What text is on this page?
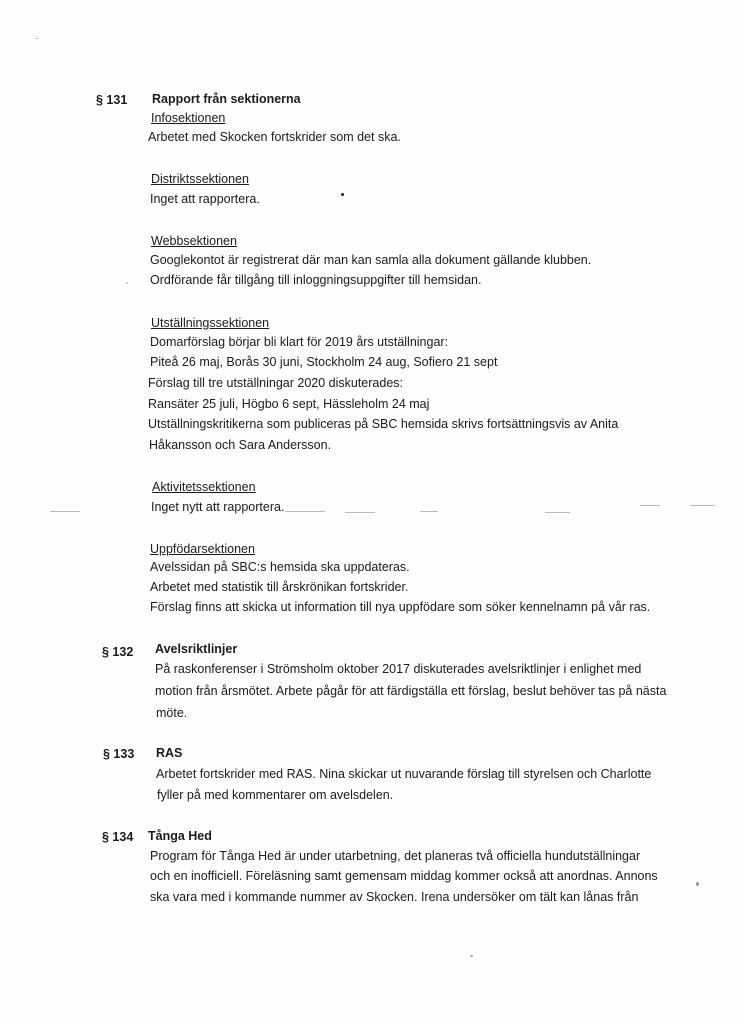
§ 131 Rapport från sektionerna
Infosektionen
Arbetet med Skocken fortskrider som det ska.
Distriktssektionen
Inget att rapportera.
Webbsektionen
Googlekontot är registrerat där man kan samla alla dokument gällande klubben.
Ordförande får tillgång till inloggningsuppgifter till hemsidan.
Utställningssektionen
Domarförslag börjar bli klart för 2019 års utställningar:
Piteå 26 maj, Borås 30 juni, Stockholm 24 aug, Sofiero 21 sept
Förslag till tre utställningar 2020 diskuterades:
Ransäter 25 juli, Högbo 6 sept, Hässleholm 24 maj
Utställningskritikerna som publiceras på SBC hemsida skrivs fortsättningsvis av Anita
Håkansson och Sara Andersson.
Aktivitetssektionen
Inget nytt att rapportera.
Uppfödarsektionen
Avelssidan på SBC:s hemsida ska uppdateras.
Arbetet med statistik till årskrönikan fortskrider.
Förslag finns att skicka ut information till nya uppfödare som söker kennelnamn på vår ras.
§ 132 Avelsriktlinjer
På raskonferenser i Strömsholm oktober 2017 diskuterades avelsriktlinjer i enlighet med
motion från årsmötet. Arbete pågår för att färdigställa ett förslag, beslut behöver tas på nästa
möte.
§ 133 RAS
Arbetet fortskrider med RAS. Nina skickar ut nuvarande förslag till styrelsen och Charlotte
fyller på med kommentarer om avelsdelen.
§ 134 Tånga Hed
Program för Tånga Hed är under utarbetning, det planeras två officiella hundutställningar
och en inofficiell. Föreläsning samt gemensam middag kommer också att anordnas. Annons
ska vara med i kommande nummer av Skocken. Irena undersöker om tält kan lånas från
